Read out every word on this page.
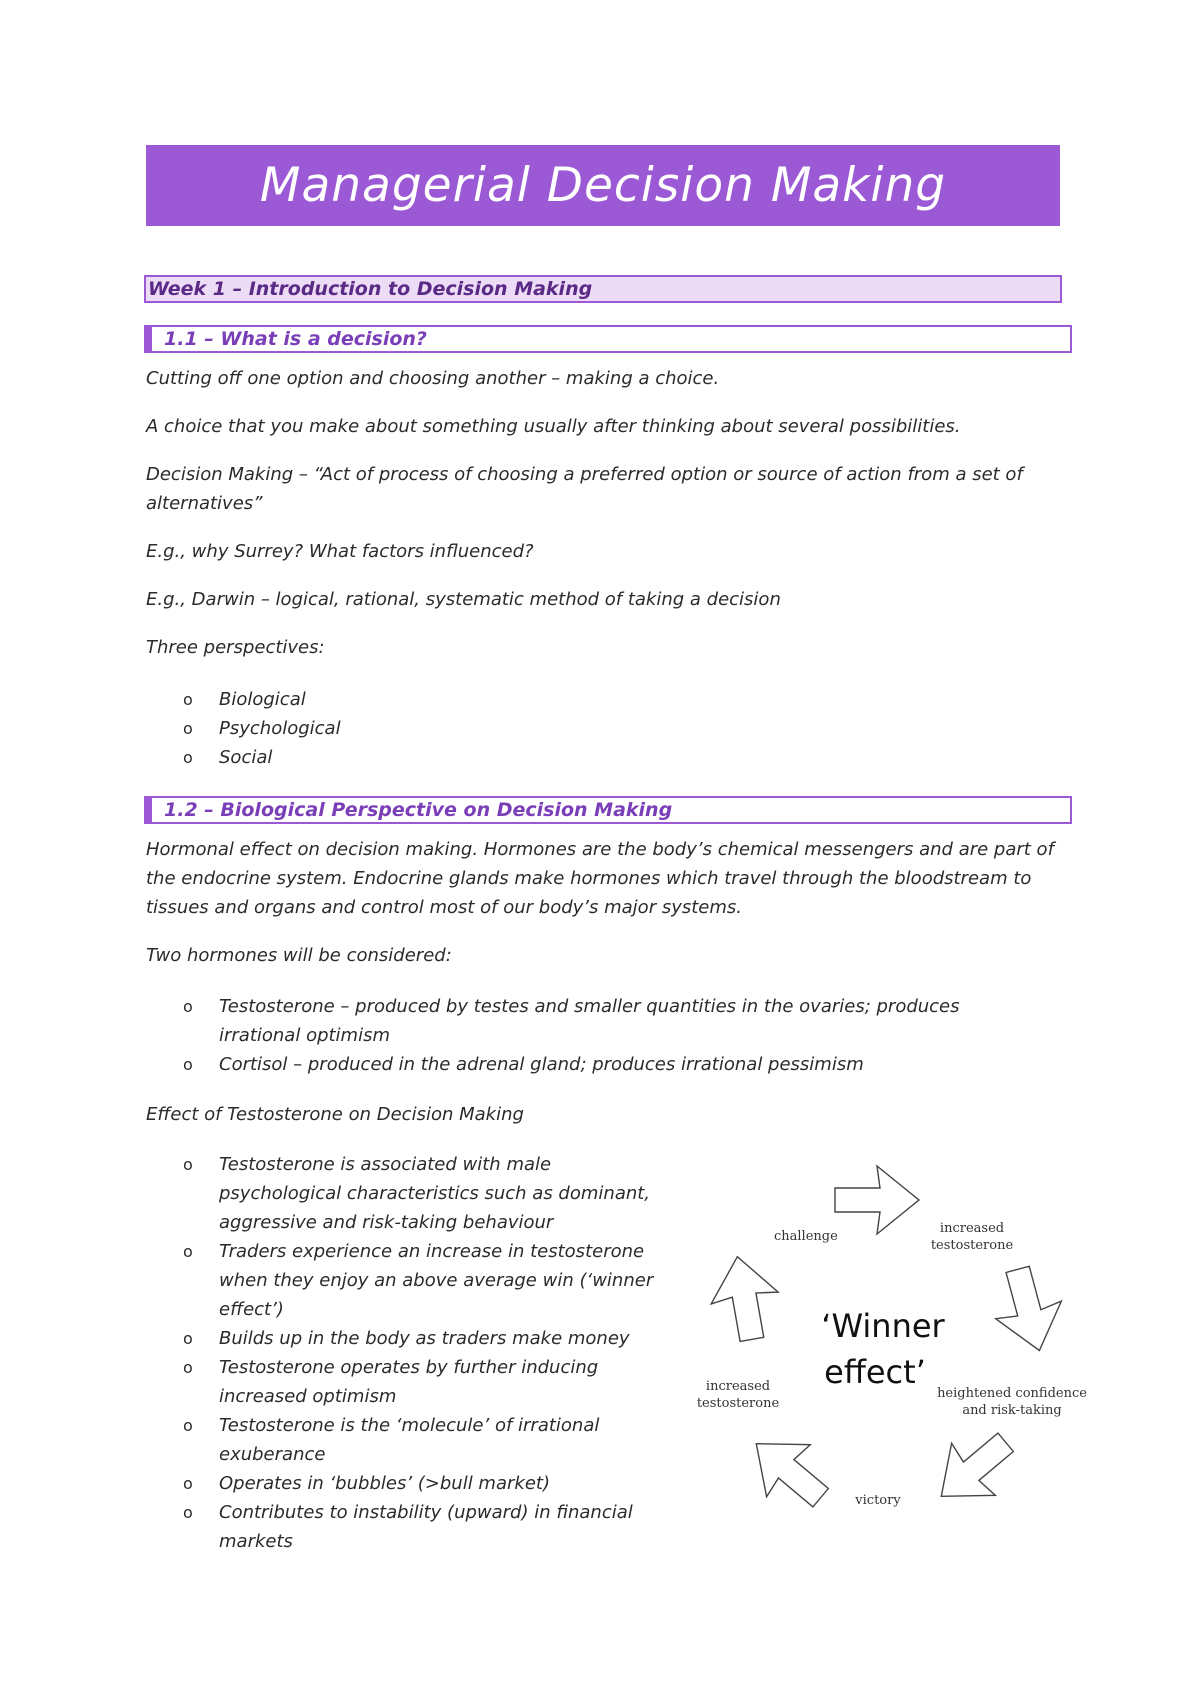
Managerial Decision Making
Week 1 – Introduction to Decision Making
1.1 – What is a decision?

Cutting off one option and choosing another – making a choice.

A choice that you make about something usually after thinking about several possibilities.

Decision Making – “Act of process of choosing a preferred option or source of action from a set of alternatives”

E.g., why Surrey? What factors influenced?

E.g., Darwin – logical, rational, systematic method of taking a decision

Three perspectives:

o	Biological
o	Psychological
o	Social
1.2 – Biological Perspective on Decision Making

Hormonal effect on decision making. Hormones are the body’s chemical messengers and are part of the endocrine system. Endocrine glands make hormones which travel through the bloodstream to tissues and organs and control most of our body’s major systems.

Two hormones will be considered:

o	Testosterone – produced by testes and smaller quantities in the ovaries; produces irrational optimism
o	Cortisol – produced in the adrenal gland; produces irrational pessimism

Effect of Testosterone on Decision Making

o	Testosterone is associated with male psychological characteristics such as dominant, aggressive and risk-taking behaviour
o	Traders experience an increase in testosterone when they enjoy an above average win (‘winner effect’)
o	Builds up in the body as traders make money
o	Testosterone operates by further inducing increased optimism
o	Testosterone is the ‘molecule’ of irrational exuberance
o	Operates in ‘bubbles’ (>bull market)
o	Contributes to instability (upward) in financial markets
challenge
increased
testosterone
heightened confidence
and risk-taking
victory
increased
testosterone
‘Winner
effect’
